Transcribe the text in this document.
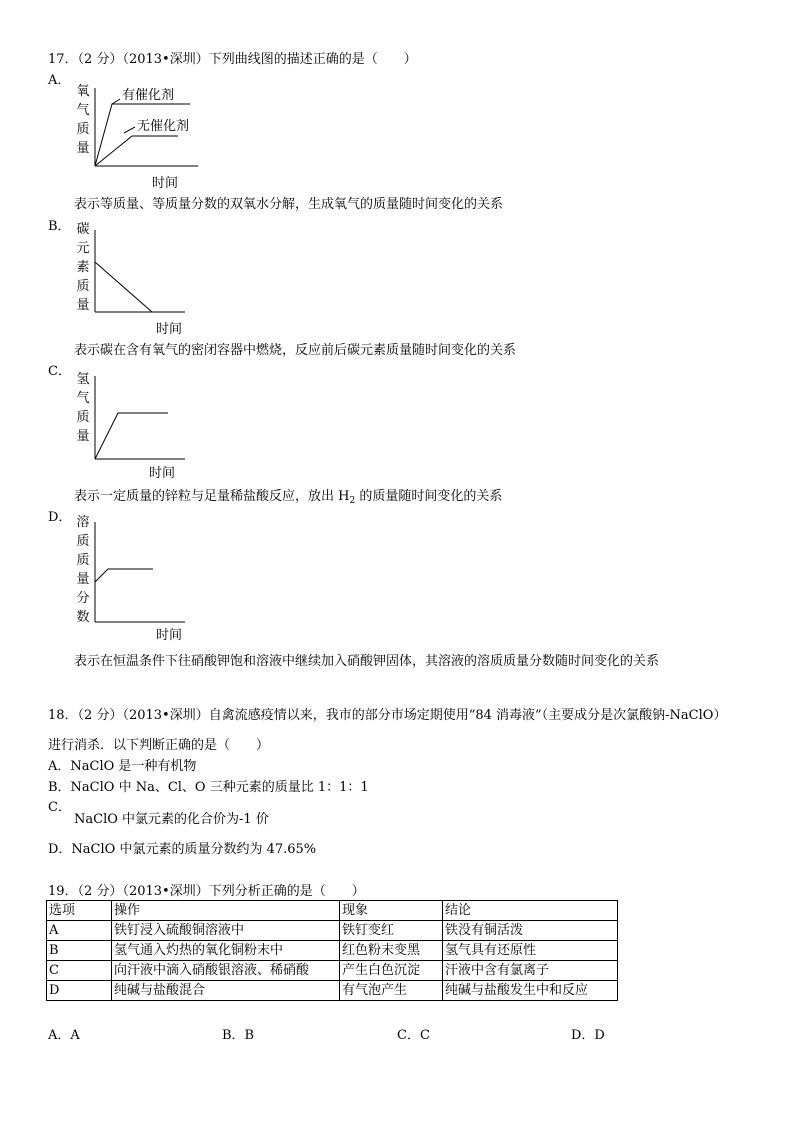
17．（2 分）（2013•深圳）下列曲线图的描述正确的是（　　）
A．
氧气质量
有催化剂
无催化剂
时间
表示等质量、等质量分数的双氧水分解，生成氧气的质量随时间变化的关系
B． 碳元素质量
时间
表示碳在含有氧气的密闭容器中燃烧，反应前后碳元素质量随时间变化的关系
C．
氢气质量
时间
表示一定质量的锌粒与足量稀盐酸反应，放出 $H_2$ 的质量随时间变化的关系
D． 溶质质量分数
时间
表示在恒温条件下往硝酸钾饱和溶液中继续加入硝酸钾固体，其溶液的溶质质量分数随时间变化的关系
18．（2 分）（2013•深圳）自禽流感疫情以来，我市的部分市场定期使用“84 消毒液”（主要成分是次氯酸钠-NaClO）
进行消杀．以下判断正确的是（　　）
A．NaClO 是一种有机物
B．NaClO 中 Na、Cl、O 三种元素的质量比 1：1：1
C．
NaClO 中氯元素的化合价为-1 价
D．NaClO 中氯元素的质量分数约为 47.65%
19．（2 分）（2013•深圳）下列分析正确的是（　　）
选项	操作	现象	结论
A	铁钉浸入硫酸铜溶液中	铁钉变红	铁没有铜活泼
B	氢气通入灼热的氧化铜粉末中	红色粉末变黑	氢气具有还原性
C	向汗液中滴入硝酸银溶液、稀硝酸	产生白色沉淀	汗液中含有氯离子
D	纯碱与盐酸混合	有气泡产生	纯碱与盐酸发生中和反应
A．A	B．B	C．C	D．D
